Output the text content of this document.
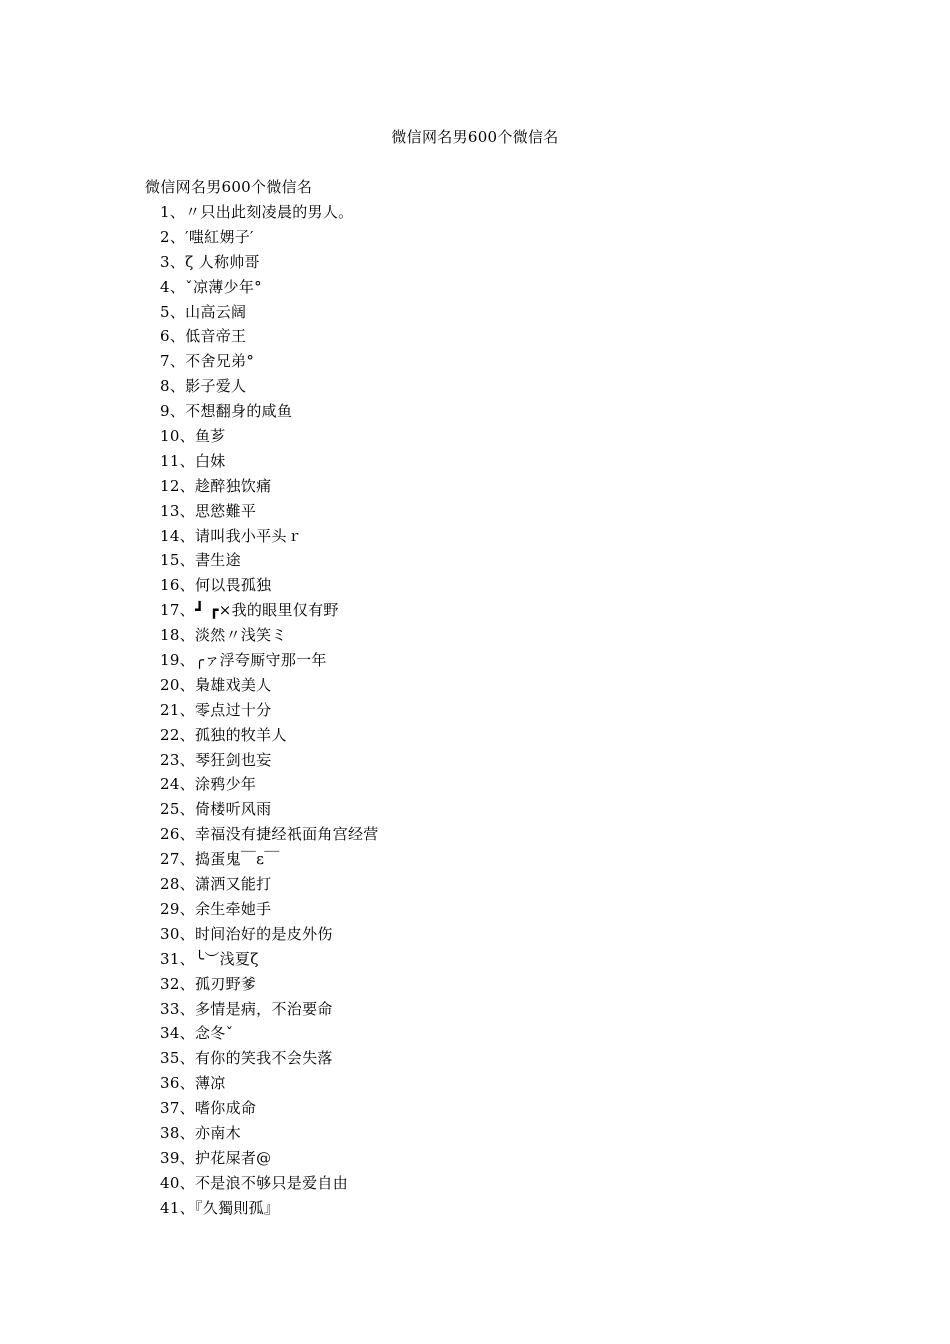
微信网名男600个微信名
微信网名男600个微信名
1、〃只出此刻凌晨的男人。
2、′嗤紅娚子′
3、ζ 人称帅哥
4、ˇ凉薄少年°
5、山高云阔
6、低音帝王
7、不舍兄弟°
8、影子爱人
9、不想翻身的咸鱼
10、鱼芗
11、白妹
12、趁醉独饮痛
13、思慾難平
14、请叫我小平头ｒ
15、書生途
16、何以畏孤独
17、┛ ┏×我的眼里仅有野
18、淡然〃浅笑ミ
19、╭ァ浮夸厮守那一年
20、梟雄戏美人
21、零点过十分
22、孤独的牧羊人
23、琴狂剑也妄
24、涂鸦少年
25、倚楼听风雨
26、幸福没有捷经祇面角宫经营
27、捣蛋鬼￣ε￣
28、潇洒又能打
29、余生牵她手
30、时间治好的是皮外伤
31、╰︶浅夏ζ
32、孤刃野爹
33、多情是病，不治要命
34、念冬ˇ
35、有你的笑我不会失落
36、薄凉
37、嗜你成命
38、亦南木
39、护花屎者@
40、不是浪不够只是爱自由
41、『久獨則孤』
